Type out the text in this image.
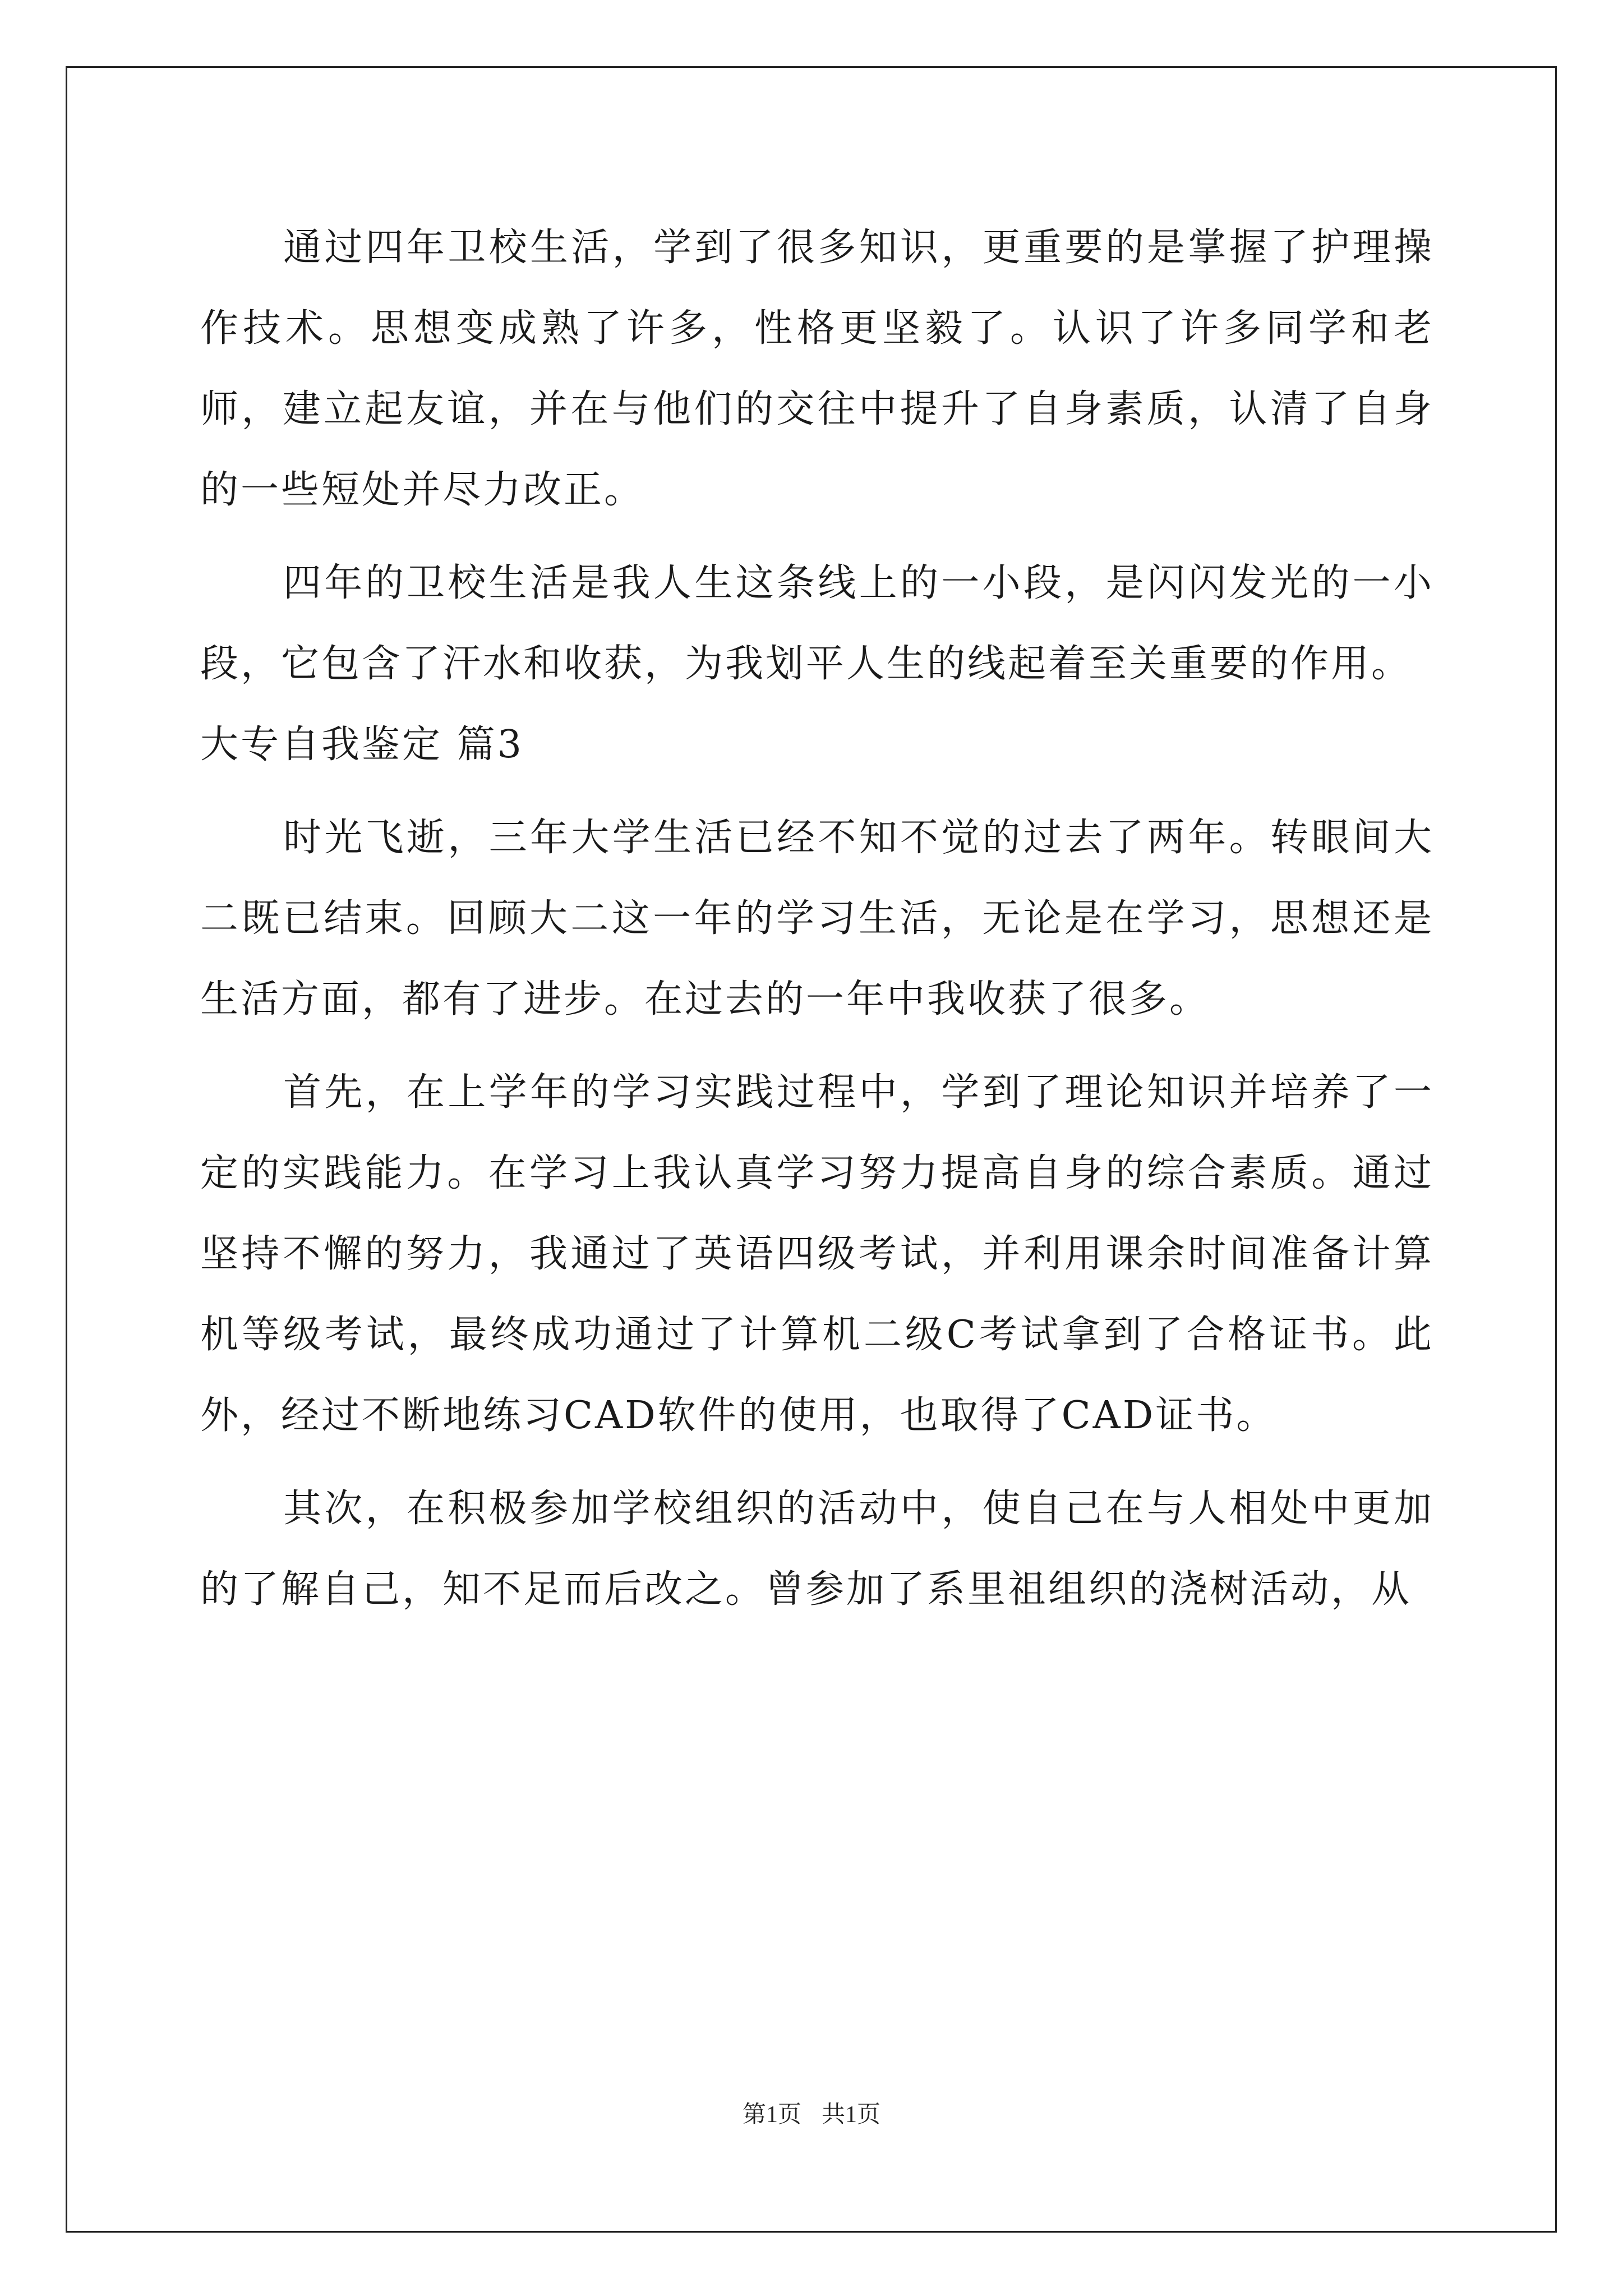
通过四年卫校生活，学到了很多知识，更重要的是掌握了护理操作技术。思想变成熟了许多，性格更坚毅了。认识了许多同学和老师，建立起友谊，并在与他们的交往中提升了自身素质，认清了自身的一些短处并尽力改正。

四年的卫校生活是我人生这条线上的一小段，是闪闪发光的一小段，它包含了汗水和收获，为我划平人生的线起着至关重要的作用。

大专自我鉴定 篇3

时光飞逝，三年大学生活已经不知不觉的过去了两年。转眼间大二既已结束。回顾大二这一年的学习生活，无论是在学习，思想还是生活方面，都有了进步。在过去的一年中我收获了很多。

首先，在上学年的学习实践过程中，学到了理论知识并培养了一定的实践能力。在学习上我认真学习努力提高自身的综合素质。通过坚持不懈的努力，我通过了英语四级考试，并利用课余时间准备计算机等级考试，最终成功通过了计算机二级C考试拿到了合格证书。此外，经过不断地练习CAD软件的使用，也取得了CAD证书。

其次，在积极参加学校组织的活动中，使自己在与人相处中更加的了解自己，知不足而后改之。曾参加了系里祖组织的浇树活动，从

第1页 共1页
